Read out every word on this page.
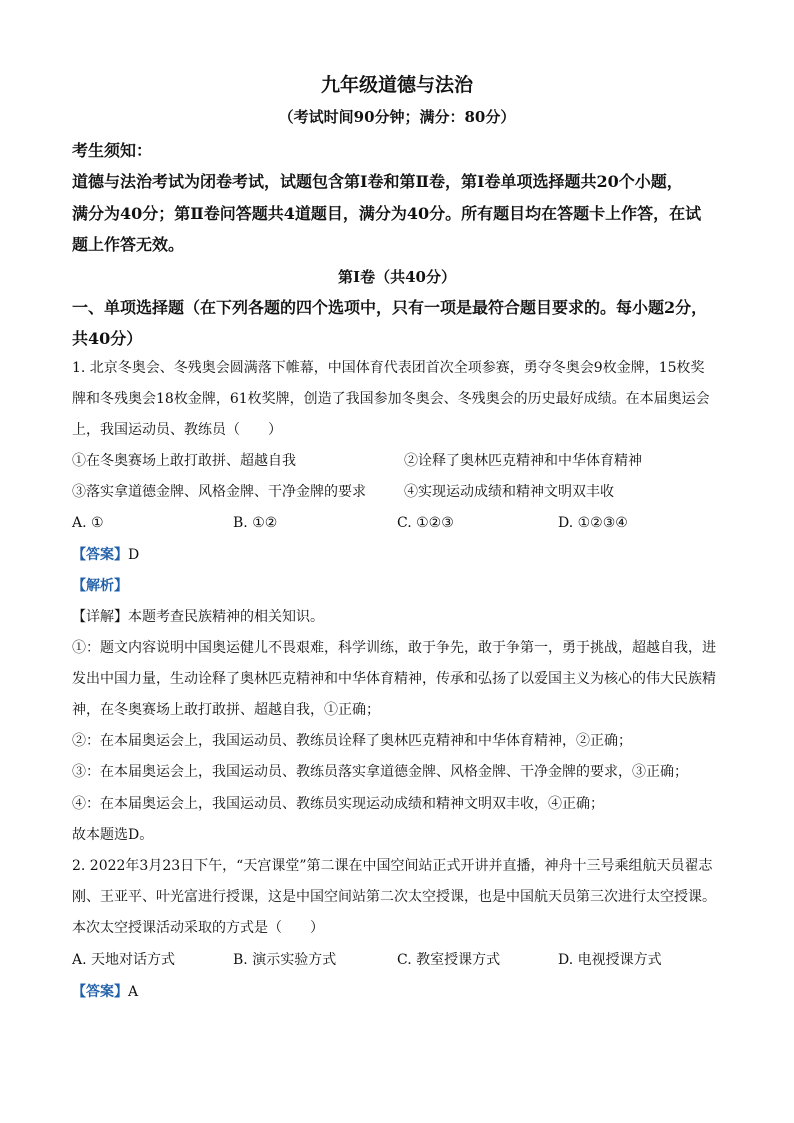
九年级道德与法治
（考试时间90分钟；满分：80分）
考生须知：
道德与法治考试为闭卷考试，试题包含第Ⅰ卷和第Ⅱ卷，第Ⅰ卷单项选择题共20个小题，
满分为40分；第Ⅱ卷问答题共4道题目，满分为40分。所有题目均在答题卡上作答，在试
题上作答无效。
第Ⅰ卷（共40分）
一、单项选择题（在下列各题的四个选项中，只有一项是最符合题目要求的。每小题2分，
共40分）
1. 北京冬奥会、冬残奥会圆满落下帷幕，中国体育代表团首次全项参赛，勇夺冬奥会9枚金牌，15枚奖
牌和冬残奥会18枚金牌，61枚奖牌，创造了我国参加冬奥会、冬残奥会的历史最好成绩。在本届奥运会
上，我国运动员、教练员（　　）
①在冬奥赛场上敢打敢拼、超越自我	②诠释了奥林匹克精神和中华体育精神
③落实拿道德金牌、风格金牌、干净金牌的要求	④实现运动成绩和精神文明双丰收
A. ①	B. ①②	C. ①②③	D. ①②③④
【答案】D
【解析】
【详解】本题考查民族精神的相关知识。
①：题文内容说明中国奥运健儿不畏艰难，科学训练，敢于争先，敢于争第一，勇于挑战，超越自我，进
发出中国力量，生动诠释了奥林匹克精神和中华体育精神，传承和弘扬了以爱国主义为核心的伟大民族精
神，在冬奥赛场上敢打敢拼、超越自我，①正确；
②：在本届奥运会上，我国运动员、教练员诠释了奥林匹克精神和中华体育精神，②正确；
③：在本届奥运会上，我国运动员、教练员落实拿道德金牌、风格金牌、干净金牌的要求，③正确；
④：在本届奥运会上，我国运动员、教练员实现运动成绩和精神文明双丰收，④正确；
故本题选D。
2. 2022年3月23日下午，“天宫课堂”第二课在中国空间站正式开讲并直播，神舟十三号乘组航天员翟志
刚、王亚平、叶光富进行授课，这是中国空间站第二次太空授课，也是中国航天员第三次进行太空授课。
本次太空授课活动采取的方式是（　　）
A. 天地对话方式	B. 演示实验方式	C. 教室授课方式	D. 电视授课方式
【答案】A
